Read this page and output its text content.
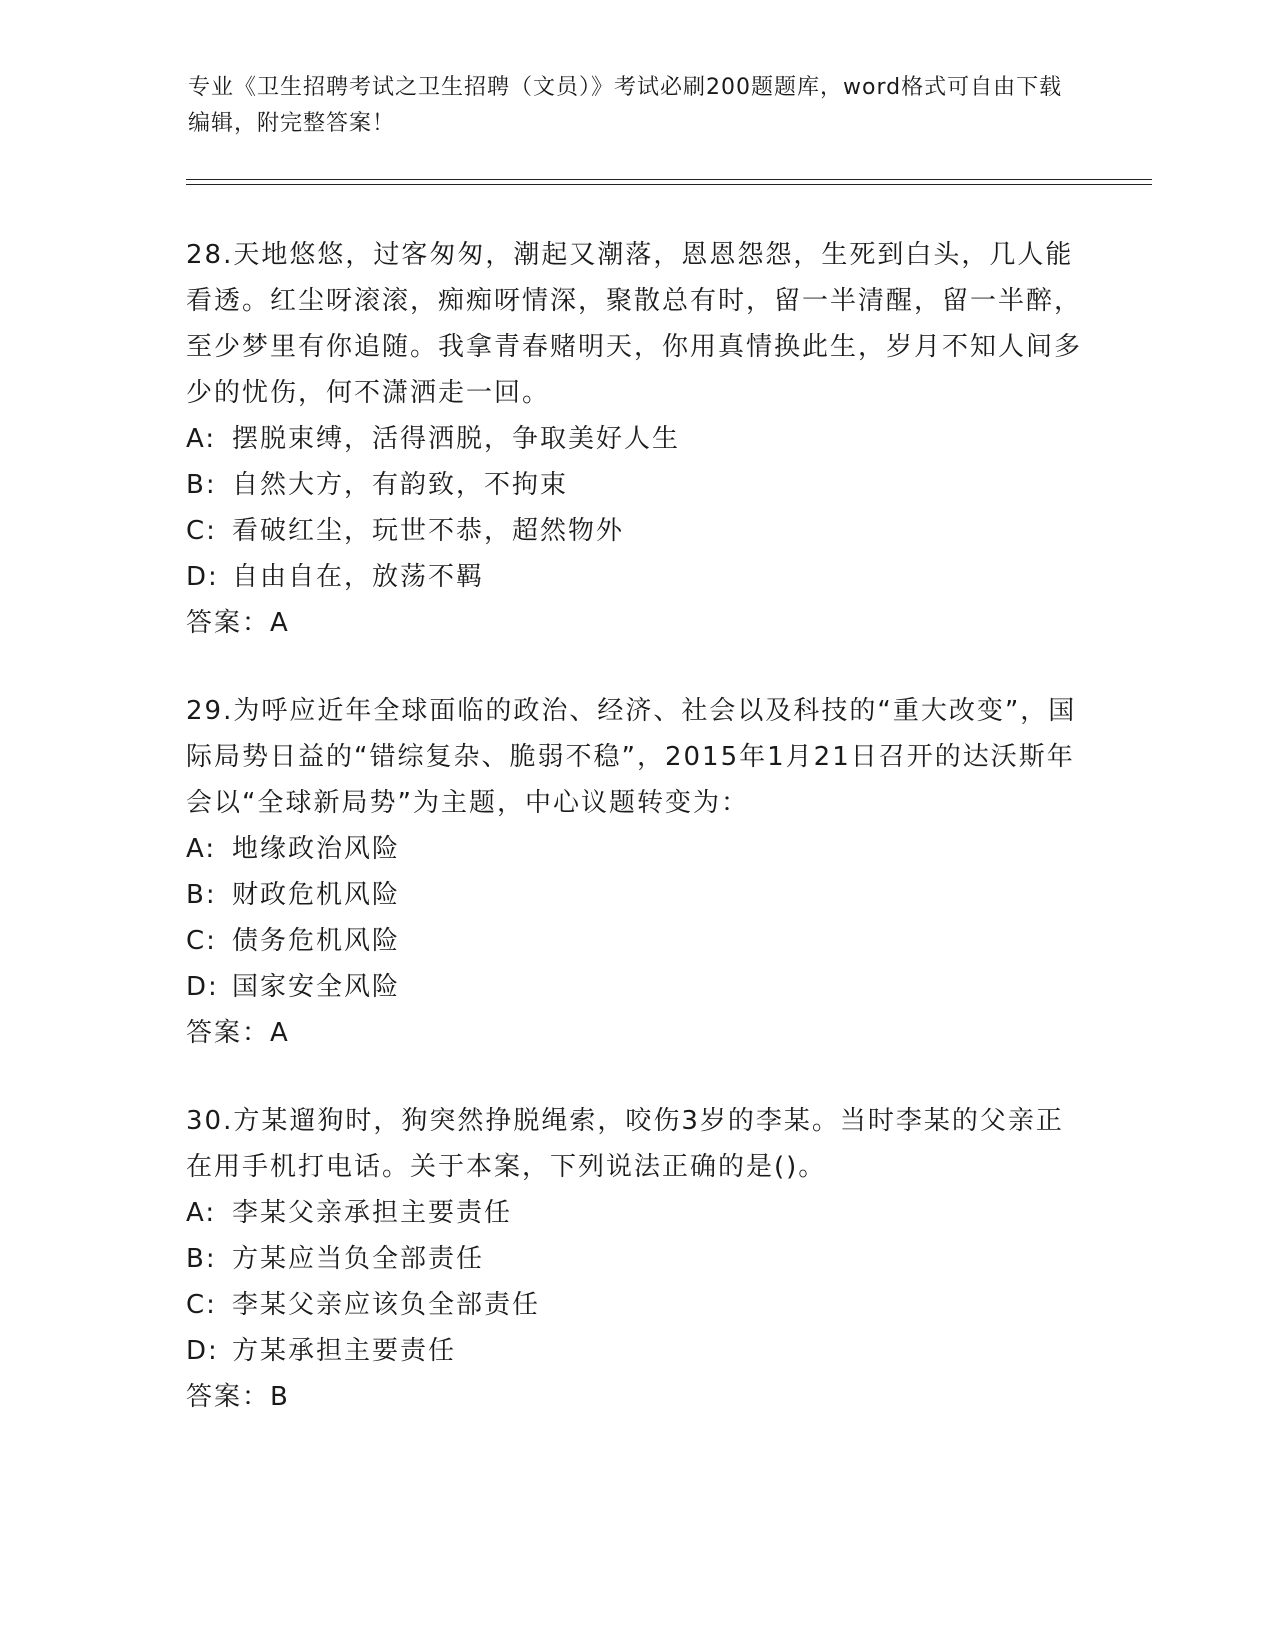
专业《卫生招聘考试之卫生招聘（文员）》考试必刷200题题库，word格式可自由下载编辑，附完整答案！

28.天地悠悠，过客匆匆，潮起又潮落，恩恩怨怨，生死到白头，几人能看透。红尘呀滚滚，痴痴呀情深，聚散总有时，留一半清醒，留一半醉，至少梦里有你追随。我拿青春赌明天，你用真情换此生，岁月不知人间多少的忧伤，何不潇洒走一回。

A: 摆脱束缚，活得洒脱，争取美好人生

B: 自然大方，有韵致，不拘束

C: 看破红尘，玩世不恭，超然物外

D: 自由自在，放荡不羁

答案：A

29.为呼应近年全球面临的政治、经济、社会以及科技的“重大改变”，国际局势日益的“错综复杂、脆弱不稳”，2015年1月21日召开的达沃斯年会以“全球新局势”为主题，中心议题转变为：

A: 地缘政治风险

B: 财政危机风险

C: 债务危机风险

D: 国家安全风险

答案：A

30.方某遛狗时，狗突然挣脱绳索，咬伤3岁的李某。当时李某的父亲正在用手机打电话。关于本案，下列说法正确的是()。

A: 李某父亲承担主要责任

B: 方某应当负全部责任

C: 李某父亲应该负全部责任

D: 方某承担主要责任

答案：B
